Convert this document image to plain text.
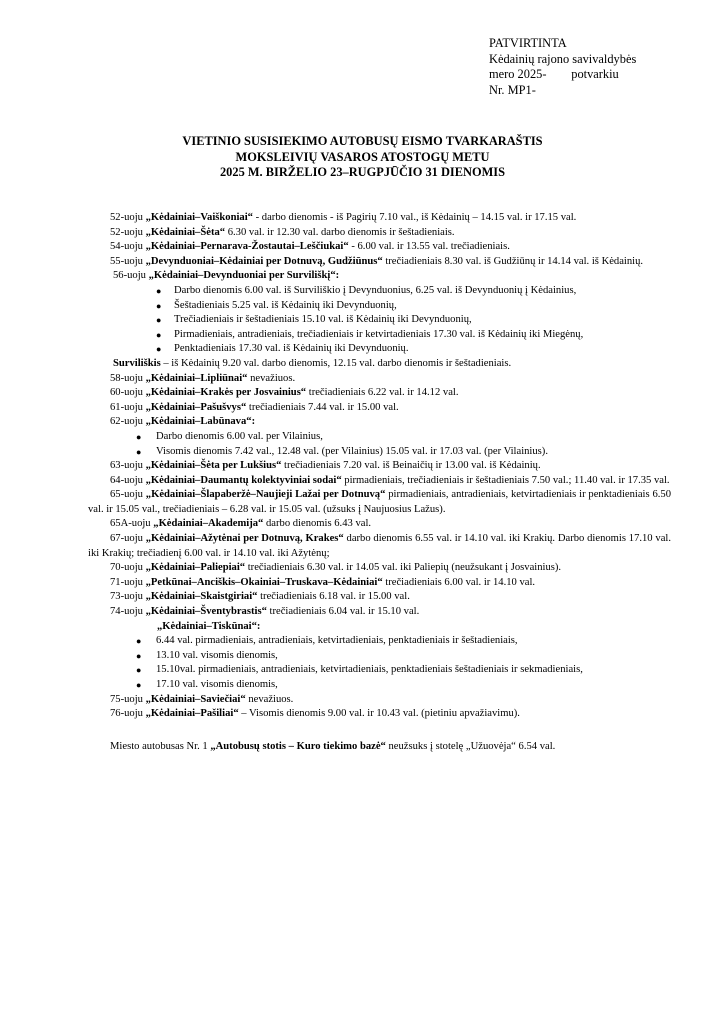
PATVIRTINTA
Kėdainių rajono savivaldybės
mero 2025-        potvarkiu
Nr. MP1-
VIETINIO SUSISIEKIMO AUTOBUSŲ EISMO TVARKARAŠTIS
MOKSLEIVIŲ VASAROS ATOSTOGŲ METU
2025 M. BIRŽELIO 23–RUGPJŪČIO 31 DIENOMIS

52-uoju „Kėdainiai–Vaiškoniai“ - darbo dienomis - iš Pagirių 7.10 val., iš Kėdainių – 14.15 val. ir 17.15 val.

52-uoju „Kėdainiai–Šėta“ 6.30 val. ir 12.30 val. darbo dienomis ir šeštadieniais.

54-uoju „Kėdainiai–Pernarava-Žostautai–Leščiukai“ - 6.00 val. ir 13.55 val. trečiadieniais.

55-uoju „Devynduoniai–Kėdainiai per Dotnuvą, Gudžiūnus“ trečiadieniais 8.30 val. iš Gudžiūnų ir 14.14 val. iš Kėdainių.

56-uoju „Kėdainiai–Devynduoniai per Surviliškį“:

● Darbo dienomis 6.00 val. iš Surviliškio į Devynduonius, 6.25 val. iš Devynduonių į Kėdainius,
● Šeštadieniais 5.25 val. iš Kėdainių iki Devynduonių,
● Trečiadieniais ir šeštadieniais 15.10 val. iš Kėdainių iki Devynduonių,
● Pirmadieniais, antradieniais, trečiadieniais ir ketvirtadieniais 17.30 val. iš Kėdainių iki Miegėnų,
● Penktadieniais 17.30 val. iš Kėdainių iki Devynduonių.

Surviliškis – iš Kėdainių 9.20 val. darbo dienomis, 12.15 val. darbo dienomis ir šeštadieniais.

58-uoju „Kėdainiai–Lipliūnai“ nevažiuos.

60-uoju „Kėdainiai–Krakės per Josvainius“ trečiadieniais 6.22 val. ir 14.12 val.

61-uoju „Kėdainiai–Pašušvys“ trečiadieniais 7.44 val. ir 15.00 val.

62-uoju „Kėdainiai–Labūnava“:

● Darbo dienomis 6.00 val. per Vilainius,
● Visomis dienomis 7.42 val., 12.48 val. (per Vilainius) 15.05 val. ir 17.03 val. (per Vilainius).

63-uoju „Kėdainiai–Šėta per Lukšius“ trečiadieniais 7.20 val. iš Beinaičių ir 13.00 val. iš Kėdainių.

64-uoju „Kėdainiai–Daumantų kolektyviniai sodai“ pirmadieniais, trečiadieniais ir šeštadieniais 7.50 val.; 11.40 val. ir 17.35 val.

65-uoju „Kėdainiai–Šlapaberžė–Naujieji Lažai per Dotnuvą“ pirmadieniais, antradieniais, ketvirtadieniais ir penktadieniais 6.50 val. ir 15.05 val., trečiadieniais – 6.28 val. ir 15.05 val. (užsuks į Naujuosius Lažus).

65A-uoju „Kėdainiai–Akademija“ darbo dienomis 6.43 val.

67-uoju „Kėdainiai–Ažytėnai per Dotnuvą, Krakes“ darbo dienomis 6.55 val. ir 14.10 val. iki Krakių. Darbo dienomis 17.10 val. iki Krakių; trečiadienį 6.00 val. ir 14.10 val. iki Ažytėnų;

70-uoju „Kėdainiai–Paliepiai“ trečiadieniais 6.30 val. ir 14.05 val. iki Paliepių (neužsukant į Josvainius).

71-uoju „Petkūnai–Anciškis–Okainiai–Truskava–Kėdainiai“ trečiadieniais 6.00 val. ir 14.10 val.

73-uoju „Kėdainiai–Skaistgiriai“ trečiadieniais 6.18 val. ir 15.00 val.

74-uoju „Kėdainiai–Šventybrastis“ trečiadieniais 6.04 val. ir 15.10 val.

„Kėdainiai–Tiskūnai“:

● 6.44 val. pirmadieniais, antradieniais, ketvirtadieniais, penktadieniais ir šeštadieniais,
● 13.10 val. visomis dienomis,
● 15.10val. pirmadieniais, antradieniais, ketvirtadieniais, penktadieniais šeštadieniais ir sekmadieniais,
● 17.10 val. visomis dienomis,

75-uoju „Kėdainiai–Saviečiai“ nevažiuos.

76-uoju „Kėdainiai–Pašiliai“ – Visomis dienomis 9.00 val. ir 10.43 val. (pietiniu apvažiavimu).

Miesto autobusas Nr. 1 „Autobusų stotis – Kuro tiekimo bazė“ neužsuks į stotelę „Užuovėja“ 6.54 val.
